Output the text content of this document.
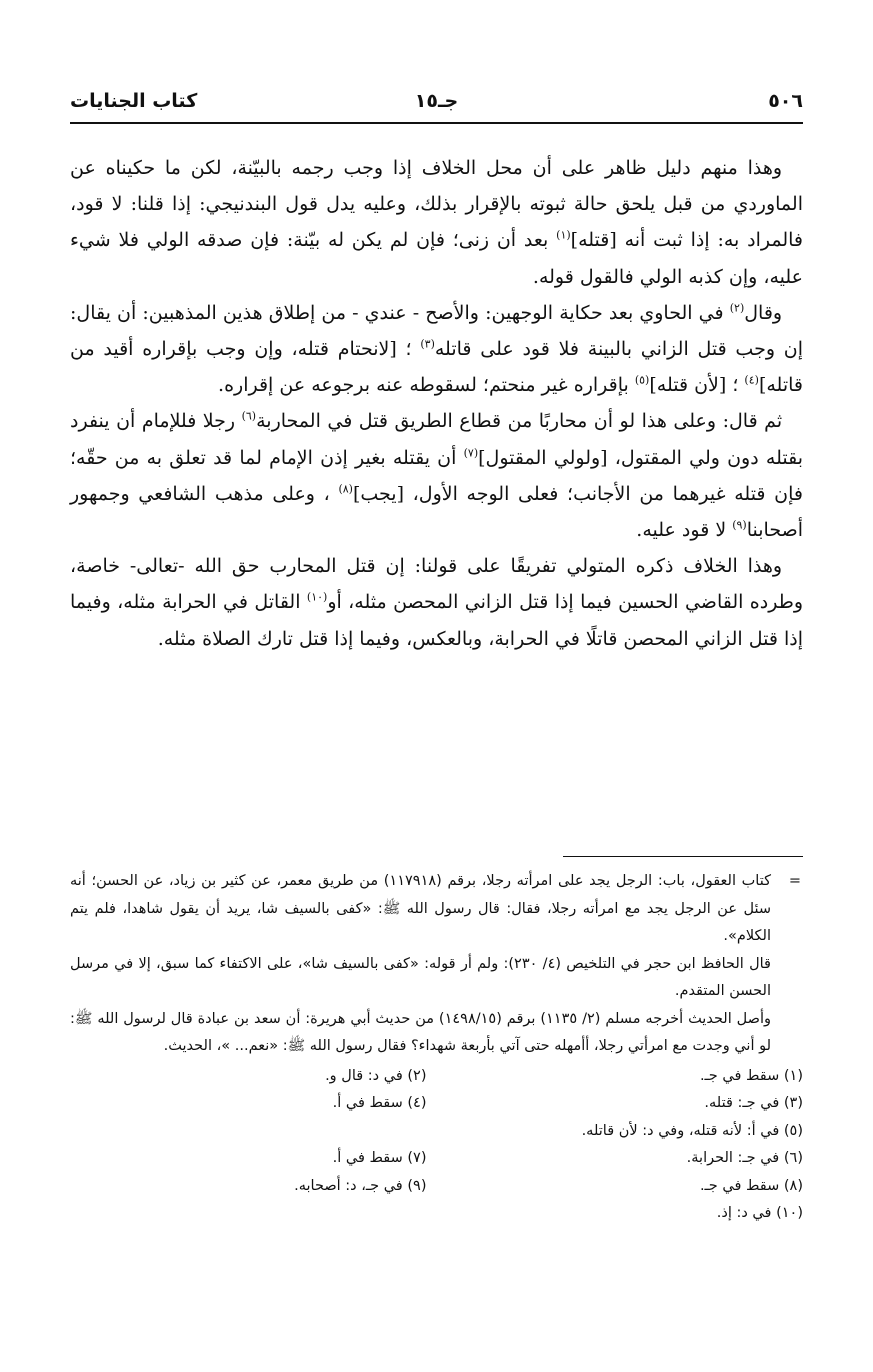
٥٠٦
جـ١٥
كتاب الجنايات

وهذا منهم دليل ظاهر على أن محل الخلاف إذا وجب رجمه بالبيّنة، لكن ما حكيناه عن الماوردي من قبل يلحق حالة ثبوته بالإقرار بذلك، وعليه يدل قول البندنيجي: إذا قلنا: لا قود، فالمراد به: إذا ثبت أنه [قتله]$^{(١)}$ بعد أن زنى؛ فإن لم يكن له بيّنة: فإن صدقه الولي فلا شيء عليه، وإن كذبه الولي فالقول قوله.

وقال$^{(٢)}$ في الحاوي بعد حكاية الوجهين: والأصح - عندي - من إطلاق هذين المذهبين: أن يقال: إن وجب قتل الزاني بالبينة فلا قود على قاتله$^{(٣)}$ ؛ [لانحتام قتله، وإن وجب بإقراره أقيد من قاتله]$^{(٤)}$ ؛ [لأن قتله]$^{(٥)}$ بإقراره غير منحتم؛ لسقوطه عنه برجوعه عن إقراره.

ثم قال: وعلى هذا لو أن محاربًا من قطاع الطريق قتل في المحاربة$^{(٦)}$ رجلا فللإمام أن ينفرد بقتله دون ولي المقتول، [ولولي المقتول]$^{(٧)}$ أن يقتله بغير إذن الإمام لما قد تعلق به من حقّه؛ فإن قتله غيرهما من الأجانب؛ فعلى الوجه الأول، [يجب]$^{(٨)}$ ، وعلى مذهب الشافعي وجمهور أصحابنا$^{(٩)}$ لا قود عليه.

وهذا الخلاف ذكره المتولي تفريقًا على قولنا: إن قتل المحارب حق الله -تعالى- خاصة، وطرده القاضي الحسين فيما إذا قتل الزاني المحصن مثله، أو$^{(١٠)}$ القاتل في الحرابة مثله، وفيما إذا قتل الزاني المحصن قاتلًا في الحرابة، وبالعكس، وفيما إذا قتل تارك الصلاة مثله.

=

كتاب العقول، باب: الرجل يجد على امرأته رجلا، برقم (١١٧٩١٨) من طريق معمر، عن كثير بن زياد، عن الحسن؛ أنه سئل عن الرجل يجد مع امرأته رجلا، فقال: قال رسول الله ﷺ: «كفى بالسيف شا، يريد أن يقول شاهدا، فلم يتم الكلام».

قال الحافظ ابن حجر في التلخيص (٤/ ٢٣٠): ولم أر قوله: «كفى بالسيف شا»، على الاكتفاء كما سبق، إلا في مرسل الحسن المتقدم.

وأصل الحديث أخرجه مسلم (٢/ ١١٣٥) برقم (١٤٩٨/١٥) من حديث أبي هريرة: أن سعد بن عبادة قال لرسول الله ﷺ: لو أني وجدت مع امرأتي رجلا، أأمهله حتى آتي بأربعة شهداء؟ فقال رسول الله ﷺ: «نعم... »، الحديث.

(١) سقط في جـ.
(٢) في د: قال و.
(٣) في جـ: قتله.
(٤) سقط في أ.
(٥) في أ: لأنه قتله، وفي د: لأن قاتله.
(٦) في جـ: الحرابة.
(٧) سقط في أ.
(٨) سقط في جـ.
(٩) في جـ، د: أصحابه.
(١٠) في د: إذ.
